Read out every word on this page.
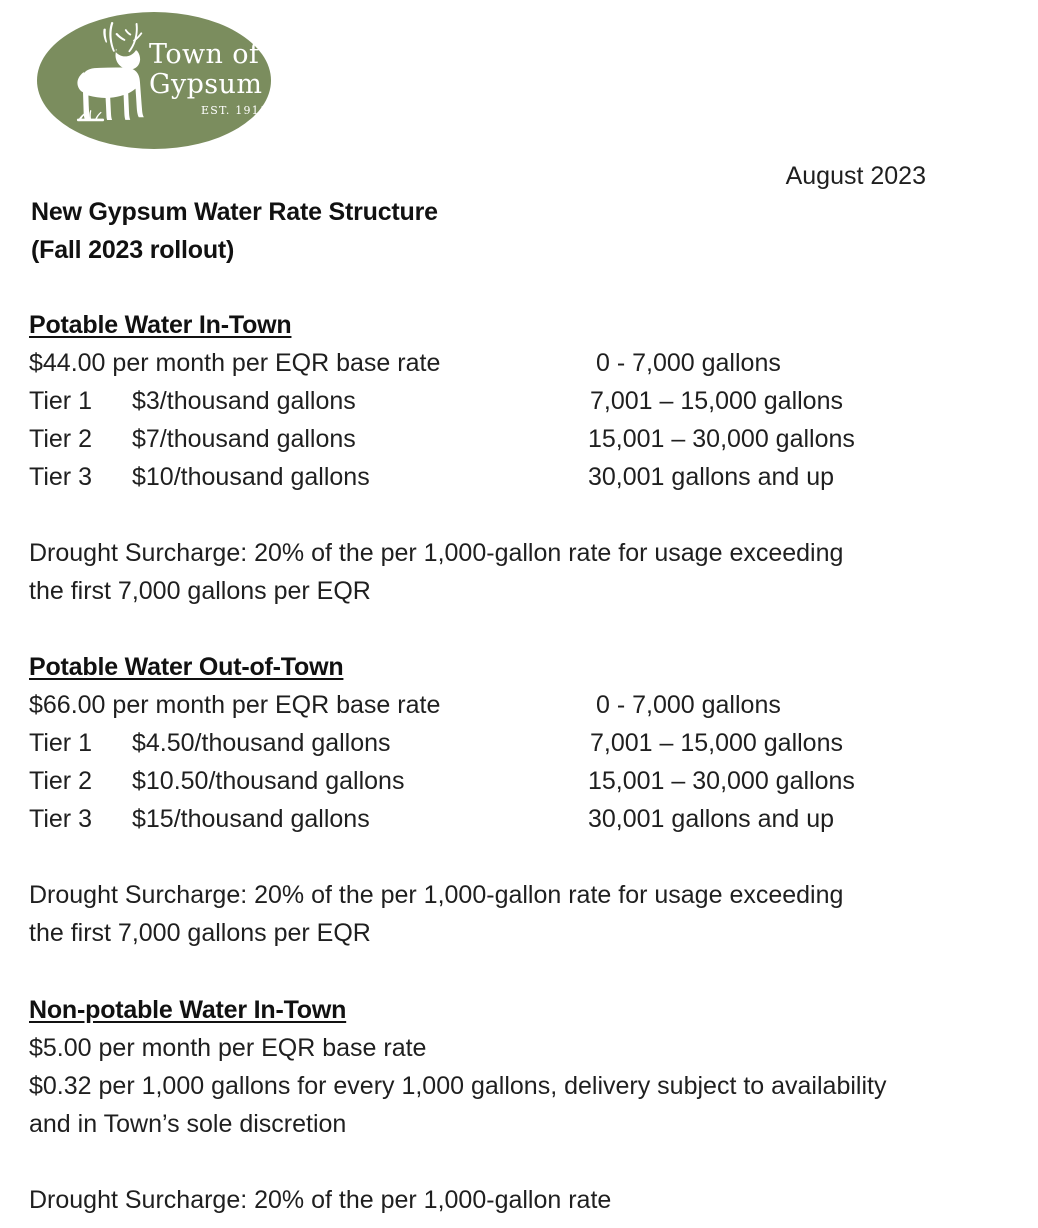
Town of
Gypsum
EST. 1911
August 2023
New Gypsum Water Rate Structure
(Fall 2023 rollout)
Potable Water In-Town
$44.00 per month per EQR base rate	0 - 7,000 gallons
Tier 1 $3/thousand gallons	7,001 – 15,000 gallons
Tier 2 $7/thousand gallons	15,001 – 30,000 gallons
Tier 3 $10/thousand gallons	30,001 gallons and up
Drought Surcharge: 20% of the per 1,000-gallon rate for usage exceeding
the first 7,000 gallons per EQR
Potable Water Out-of-Town
$66.00 per month per EQR base rate	0 - 7,000 gallons
Tier 1 $4.50/thousand gallons	7,001 – 15,000 gallons
Tier 2 $10.50/thousand gallons	15,001 – 30,000 gallons
Tier 3 $15/thousand gallons	30,001 gallons and up
Drought Surcharge: 20% of the per 1,000-gallon rate for usage exceeding
the first 7,000 gallons per EQR
Non-potable Water In-Town
$5.00 per month per EQR base rate
$0.32 per 1,000 gallons for every 1,000 gallons, delivery subject to availability
and in Town’s sole discretion
Drought Surcharge: 20% of the per 1,000-gallon rate
